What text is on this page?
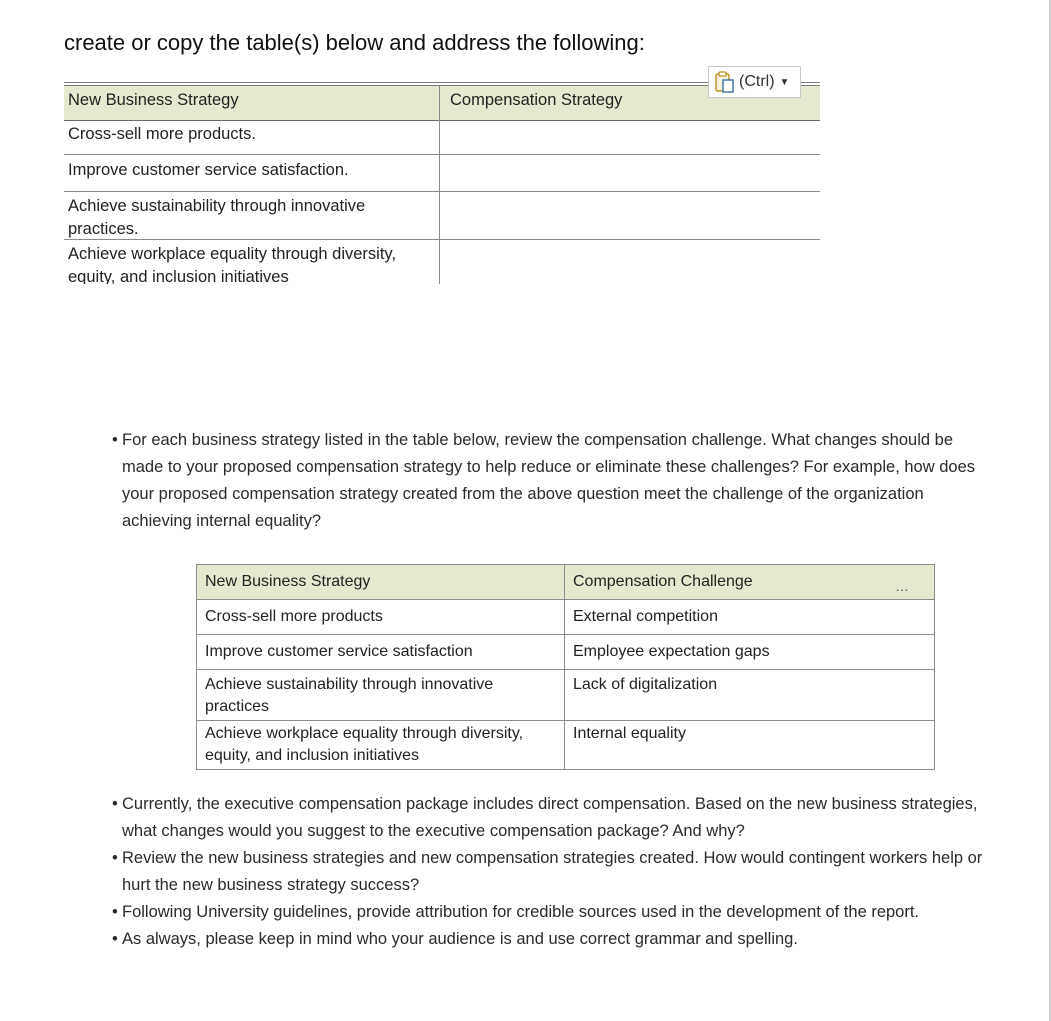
create or copy the table(s) below and address the following:
New Business Strategy	Compensation Strategy
Cross-sell more products.
Improve customer service satisfaction.
Achieve sustainability through innovative practices.
Achieve workplace equality through diversity, equity, and inclusion initiatives
(Ctrl) ▼
• For each business strategy listed in the table below, review the compensation challenge. What changes should be made to your proposed compensation strategy to help reduce or eliminate these challenges? For example, how does your proposed compensation strategy created from the above question meet the challenge of the organization achieving internal equality?
New Business Strategy	Compensation Challenge
Cross-sell more products	External competition
Improve customer service satisfaction	Employee expectation gaps
Achieve sustainability through innovative practices	Lack of digitalization
Achieve workplace equality through diversity, equity, and inclusion initiatives	Internal equality
…
• Currently, the executive compensation package includes direct compensation. Based on the new business strategies, what changes would you suggest to the executive compensation package? And why?
• Review the new business strategies and new compensation strategies created. How would contingent workers help or hurt the new business strategy success?
• Following University guidelines, provide attribution for credible sources used in the development of the report.
• As always, please keep in mind who your audience is and use correct grammar and spelling.
